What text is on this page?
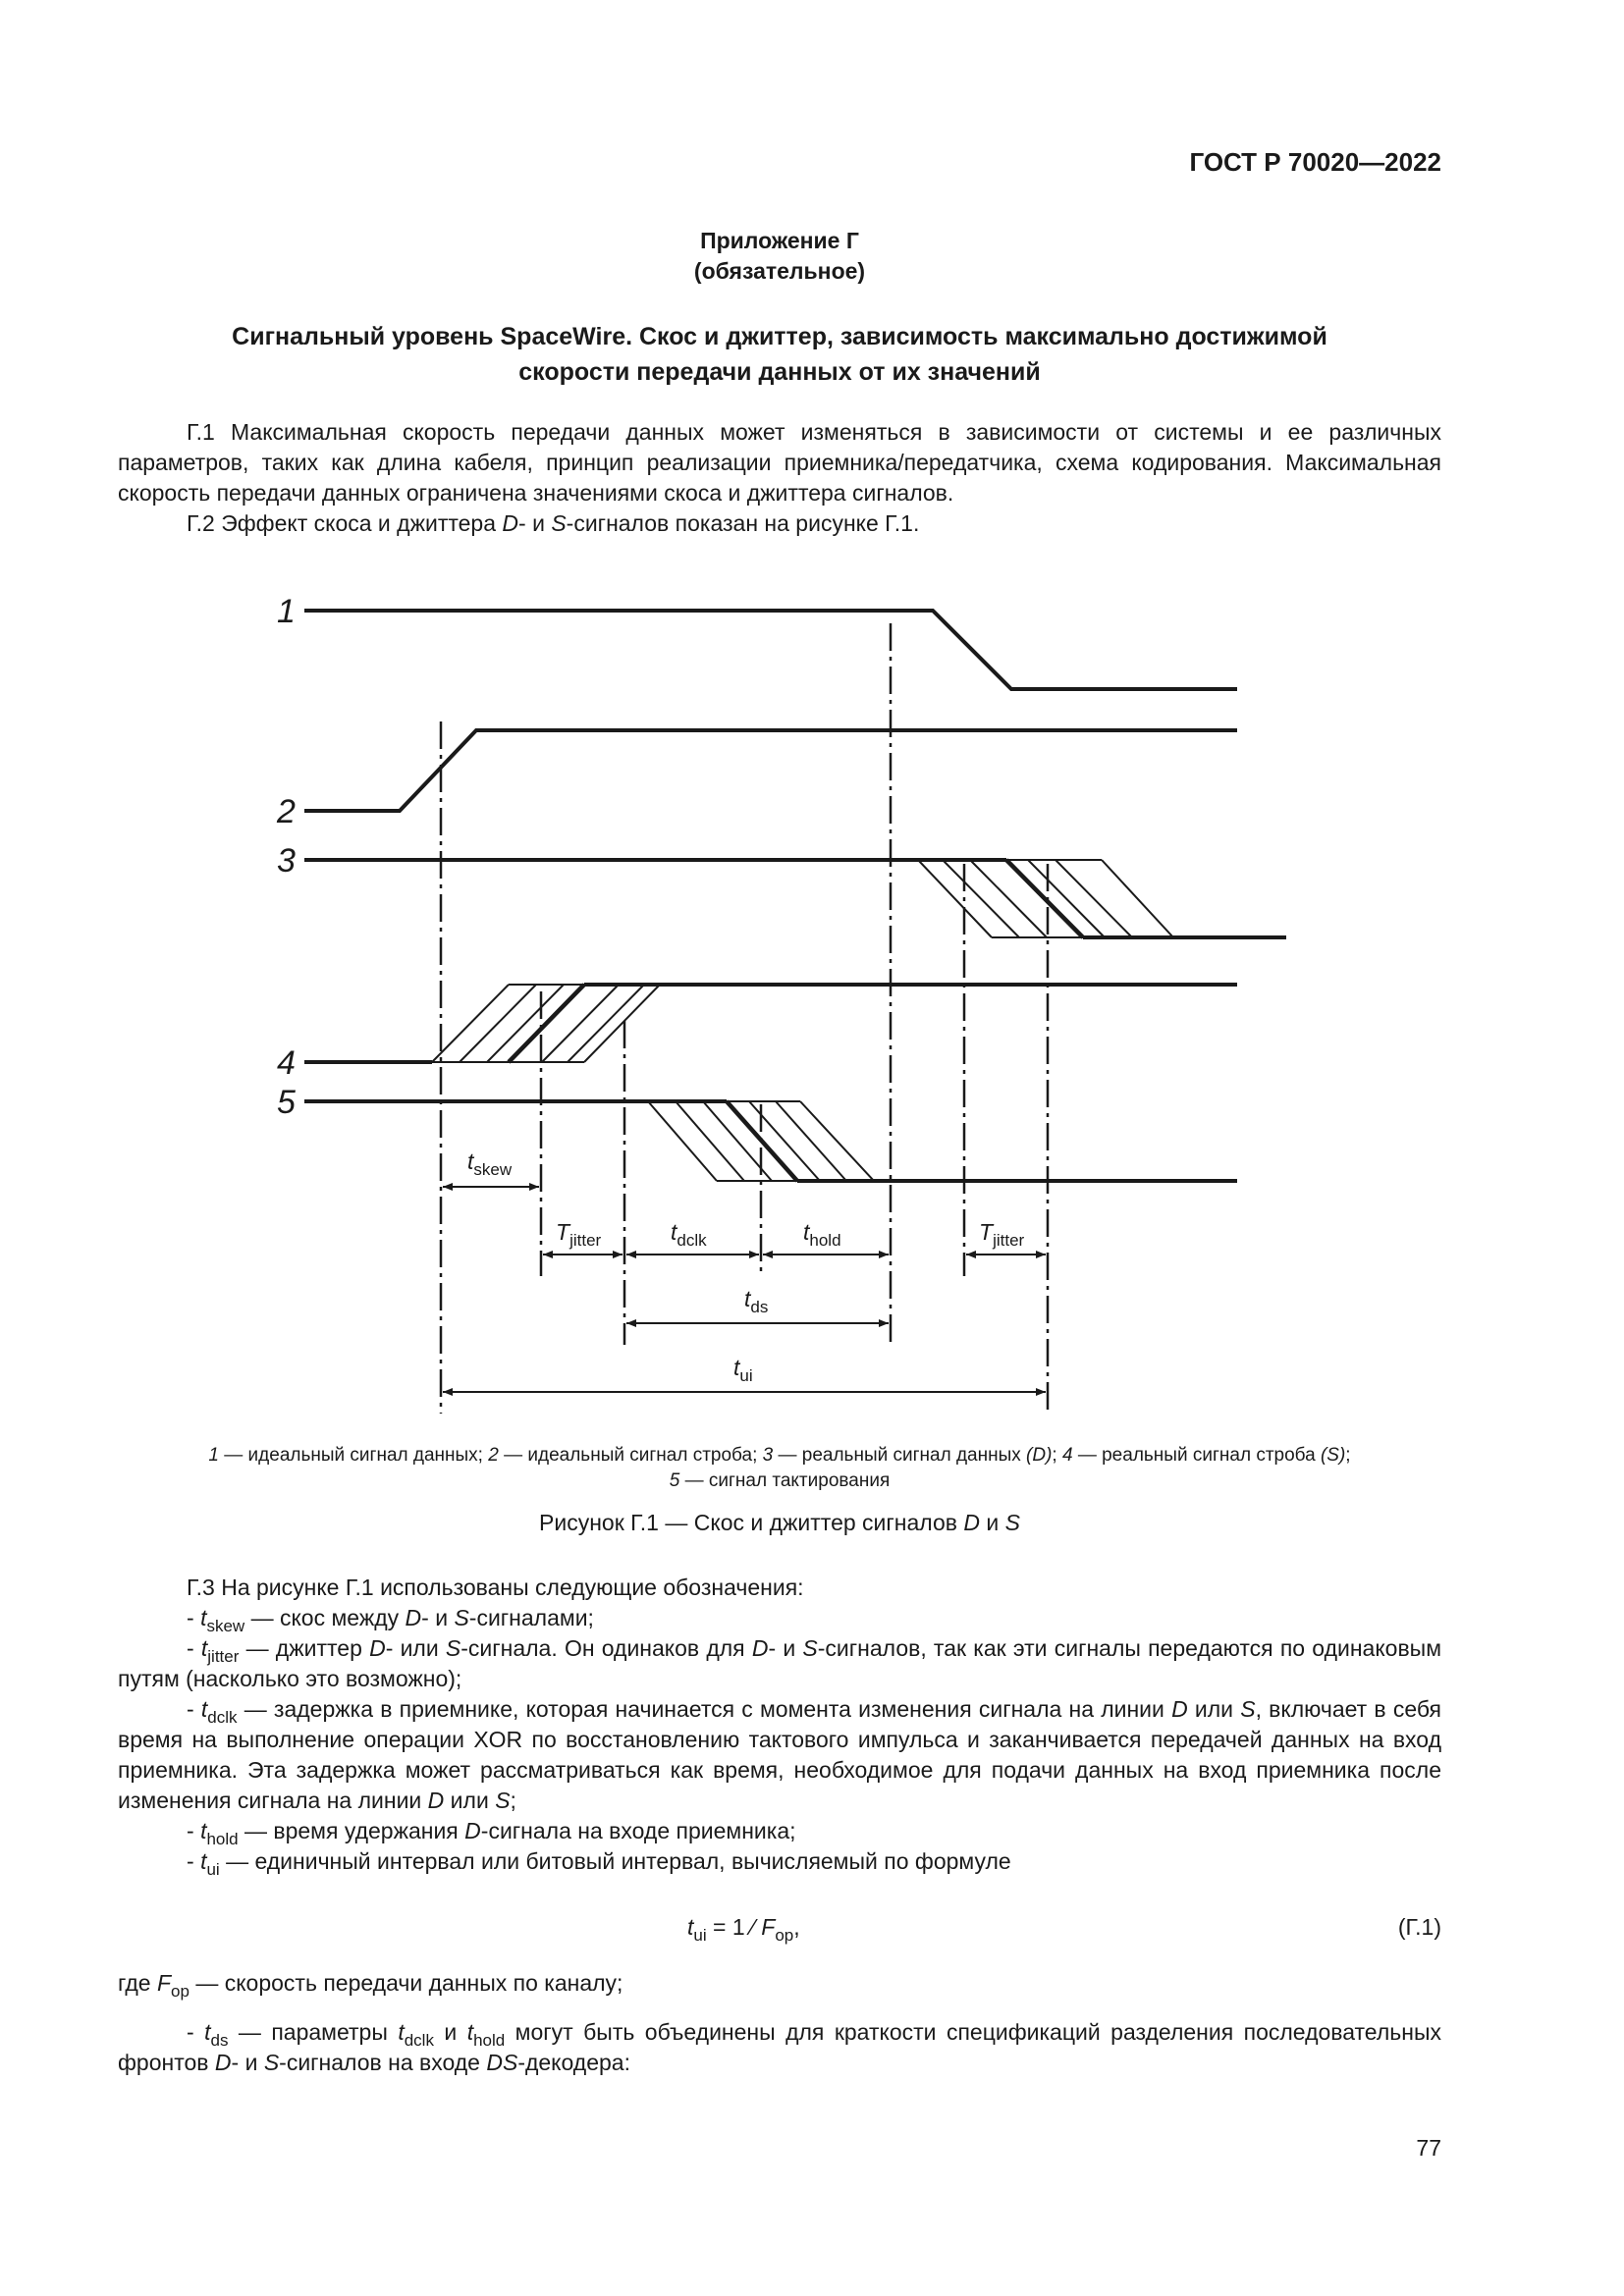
ГОСТ Р 70020—2022
Приложение Г
(обязательное)
Сигнальный уровень SpaceWire. Скос и джиттер, зависимость максимально достижимой
скорости передачи данных от их значений
Г.1 Максимальная скорость передачи данных может изменяться в зависимости от системы и ее различных параметров, таких как длина кабеля, принцип реализации приемника/передатчика, схема кодирования. Максимальная скорость передачи данных ограничена значениями скоса и джиттера сигналов.
Г.2 Эффект скоса и джиттера D- и S-сигналов показан на рисунке Г.1.
1
2
3
4
5
$t_{skew}$
$T_{jitter}$	$t_{dclk}$	$t_{hold}$	$T_{jitter}$
$t_{ds}$
$t_{ui}$
1 — идеальный сигнал данных; 2 — идеальный сигнал строба; 3 — реальный сигнал данных (D); 4 — реальный сигнал строба (S);
5 — сигнал тактирования
Рисунок Г.1 — Скос и джиттер сигналов D и S
Г.3 На рисунке Г.1 использованы следующие обозначения:
- $t_{skew}$ — скос между D- и S-сигналами;
- $t_{jitter}$ — джиттер D- или S-сигнала. Он одинаков для D- и S-сигналов, так как эти сигналы передаются по одинаковым путям (насколько это возможно);
- $t_{dclk}$ — задержка в приемнике, которая начинается с момента изменения сигнала на линии D или S, включает в себя время на выполнение операции XOR по восстановлению тактового импульса и заканчивается передачей данных на вход приемника. Эта задержка может рассматриваться как время, необходимое для подачи данных на вход приемника после изменения сигнала на линии D или S;
- $t_{hold}$ — время удержания D-сигнала на входе приемника;
- $t_{ui}$ — единичный интервал или битовый интервал, вычисляемый по формуле
$t_{ui} = 1$ ⁄ $F_{op}$,	(Г.1)
где $F_{op}$ — скорость передачи данных по каналу;
- $t_{ds}$ — параметры $t_{dclk}$ и $t_{hold}$ могут быть объединены для краткости спецификаций разделения последовательных фронтов D- и S-сигналов на входе DS-декодера:
77
